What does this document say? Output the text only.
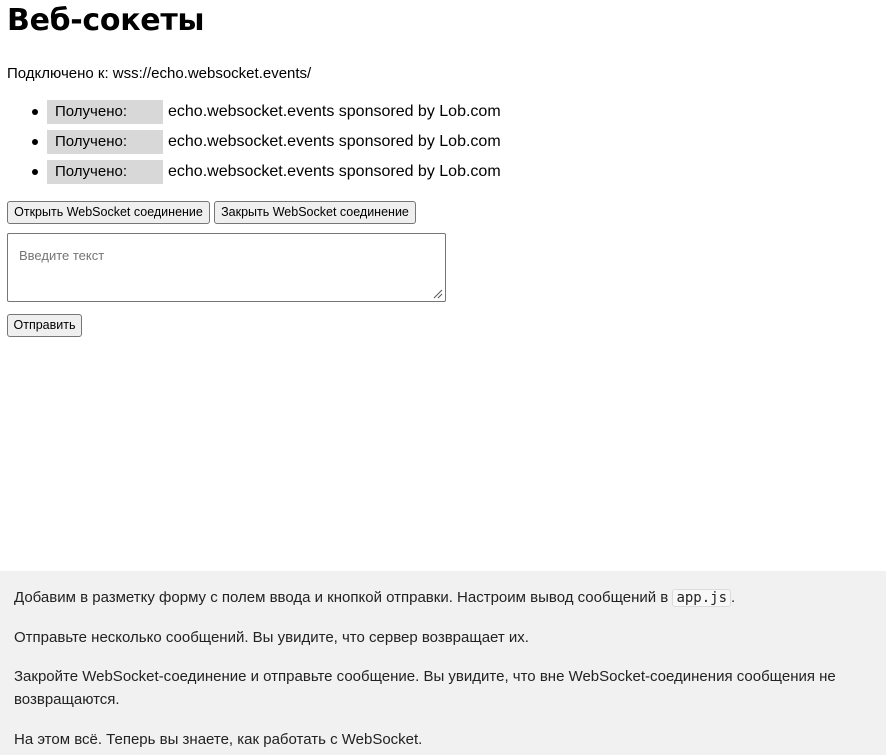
Веб-сокеты
Подключено к: wss://echo.websocket.events/
Получено:	echo.websocket.events sponsored by Lob.com
Получено:	echo.websocket.events sponsored by Lob.com
Получено:	echo.websocket.events sponsored by Lob.com
Открыть WebSocket соединение	Закрыть WebSocket соединение
Введите текст
Отправить

Добавим в разметку форму с полем ввода и кнопкой отправки. Настроим вывод сообщений в app.js .

Отправьте несколько сообщений. Вы увидите, что сервер возвращает их.

Закройте WebSocket-соединение и отправьте сообщение. Вы увидите, что вне WebSocket-соединения сообщения не возвращаются.

На этом всё. Теперь вы знаете, как работать с WebSocket.
